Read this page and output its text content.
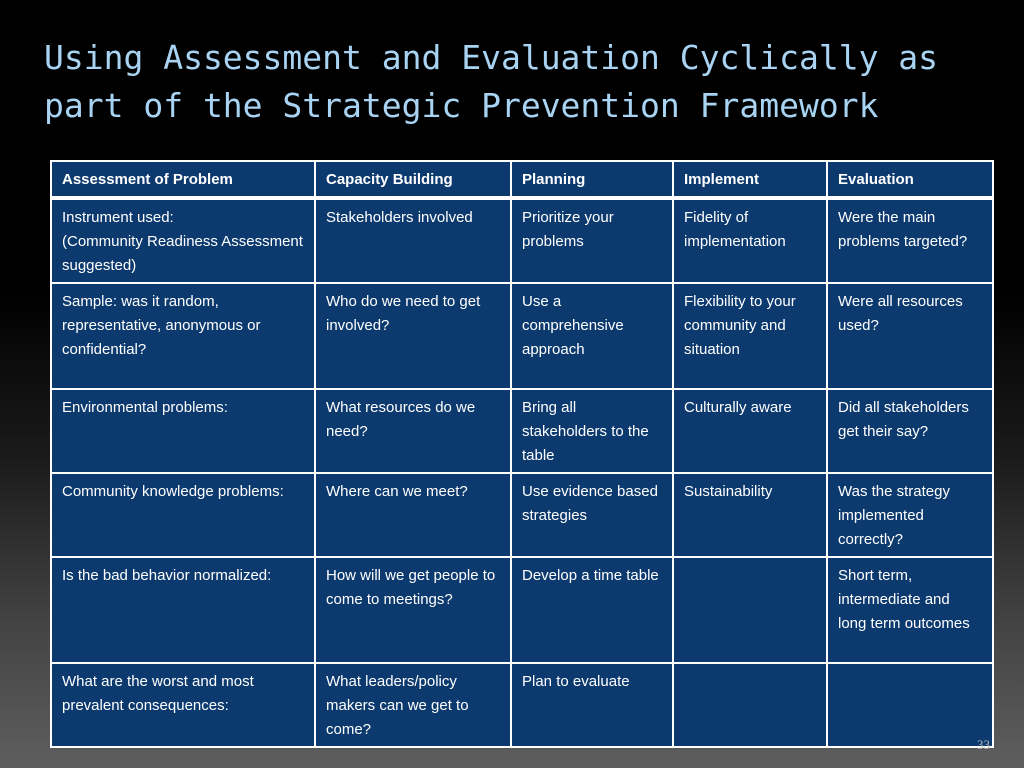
Using Assessment and Evaluation Cyclically as
part of the Strategic Prevention Framework
Assessment of Problem	Capacity Building	Planning	Implement	Evaluation
Instrument used:
(Community Readiness Assessment suggested)	Stakeholders involved	Prioritize your problems	Fidelity of implementation	Were the main problems targeted?
Sample: was it random, representative, anonymous or confidential?	Who do we need to get involved?	Use a comprehensive approach	Flexibility to your community and situation	Were all resources used?
Environmental problems:	What resources do we need?	Bring all stakeholders to the table	Culturally aware	Did all stakeholders get their say?
Community knowledge problems:	Where can we meet?	Use evidence based strategies	Sustainability	Was the strategy implemented correctly?
Is the bad behavior normalized:	How will we get people to come to meetings?	Develop a time table		Short term, intermediate and long term outcomes
What are the worst and most prevalent consequences:	What leaders/policy makers can we get to come?	Plan to evaluate		
33
